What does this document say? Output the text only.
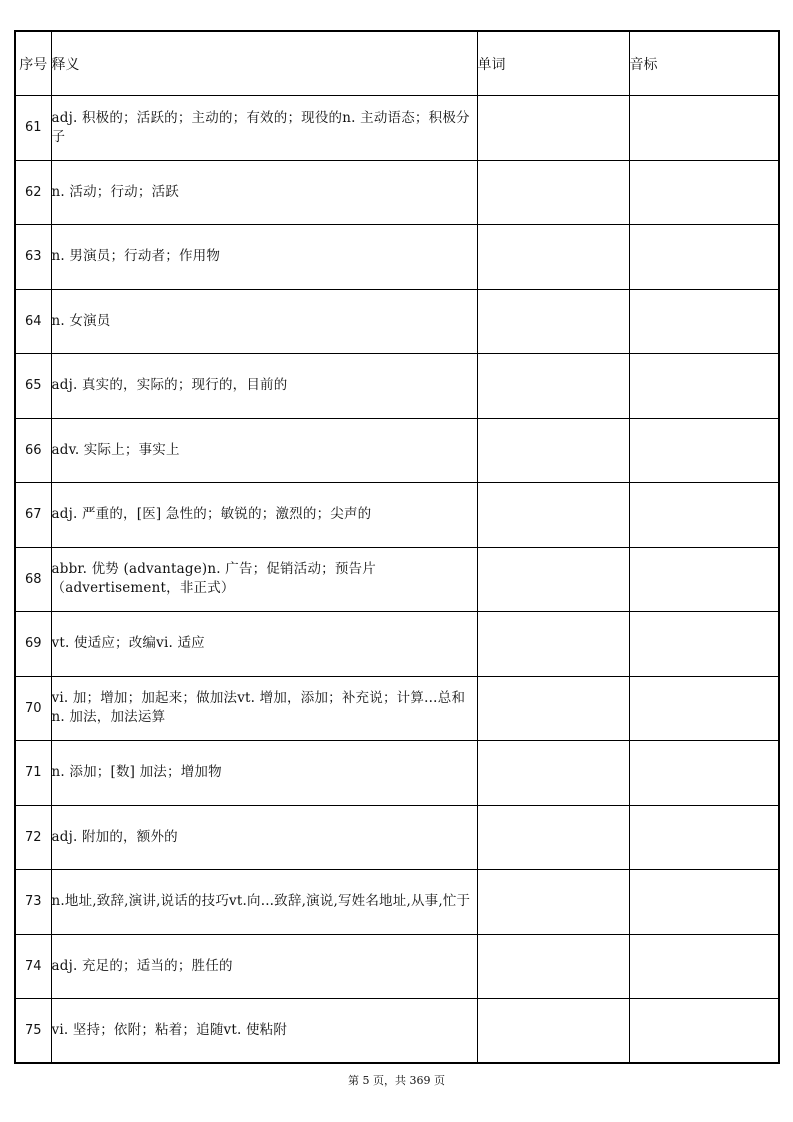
序号	释义	单词	音标
61	adj. 积极的；活跃的；主动的；有效的；现役的n. 主动语态；积极分子		
62	n. 活动；行动；活跃		
63	n. 男演员；行动者；作用物		
64	n. 女演员		
65	adj. 真实的，实际的；现行的，目前的		
66	adv. 实际上；事实上		
67	adj. 严重的，[医] 急性的；敏锐的；激烈的；尖声的		
68	abbr. 优势 (advantage)n. 广告；促销活动；预告片（advertisement，非正式）		
69	vt. 使适应；改编vi. 适应		
70	vi. 加；增加；加起来；做加法vt. 增加，添加；补充说；计算…总和n. 加法，加法运算		
71	n. 添加；[数] 加法；增加物		
72	adj. 附加的，额外的		
73	n.地址,致辞,演讲,说话的技巧vt.向...致辞,演说,写姓名地址,从事,忙于		
74	adj. 充足的；适当的；胜任的		
75	vi. 坚持；依附；粘着；追随vt. 使粘附		
第 5 页，共 369 页
